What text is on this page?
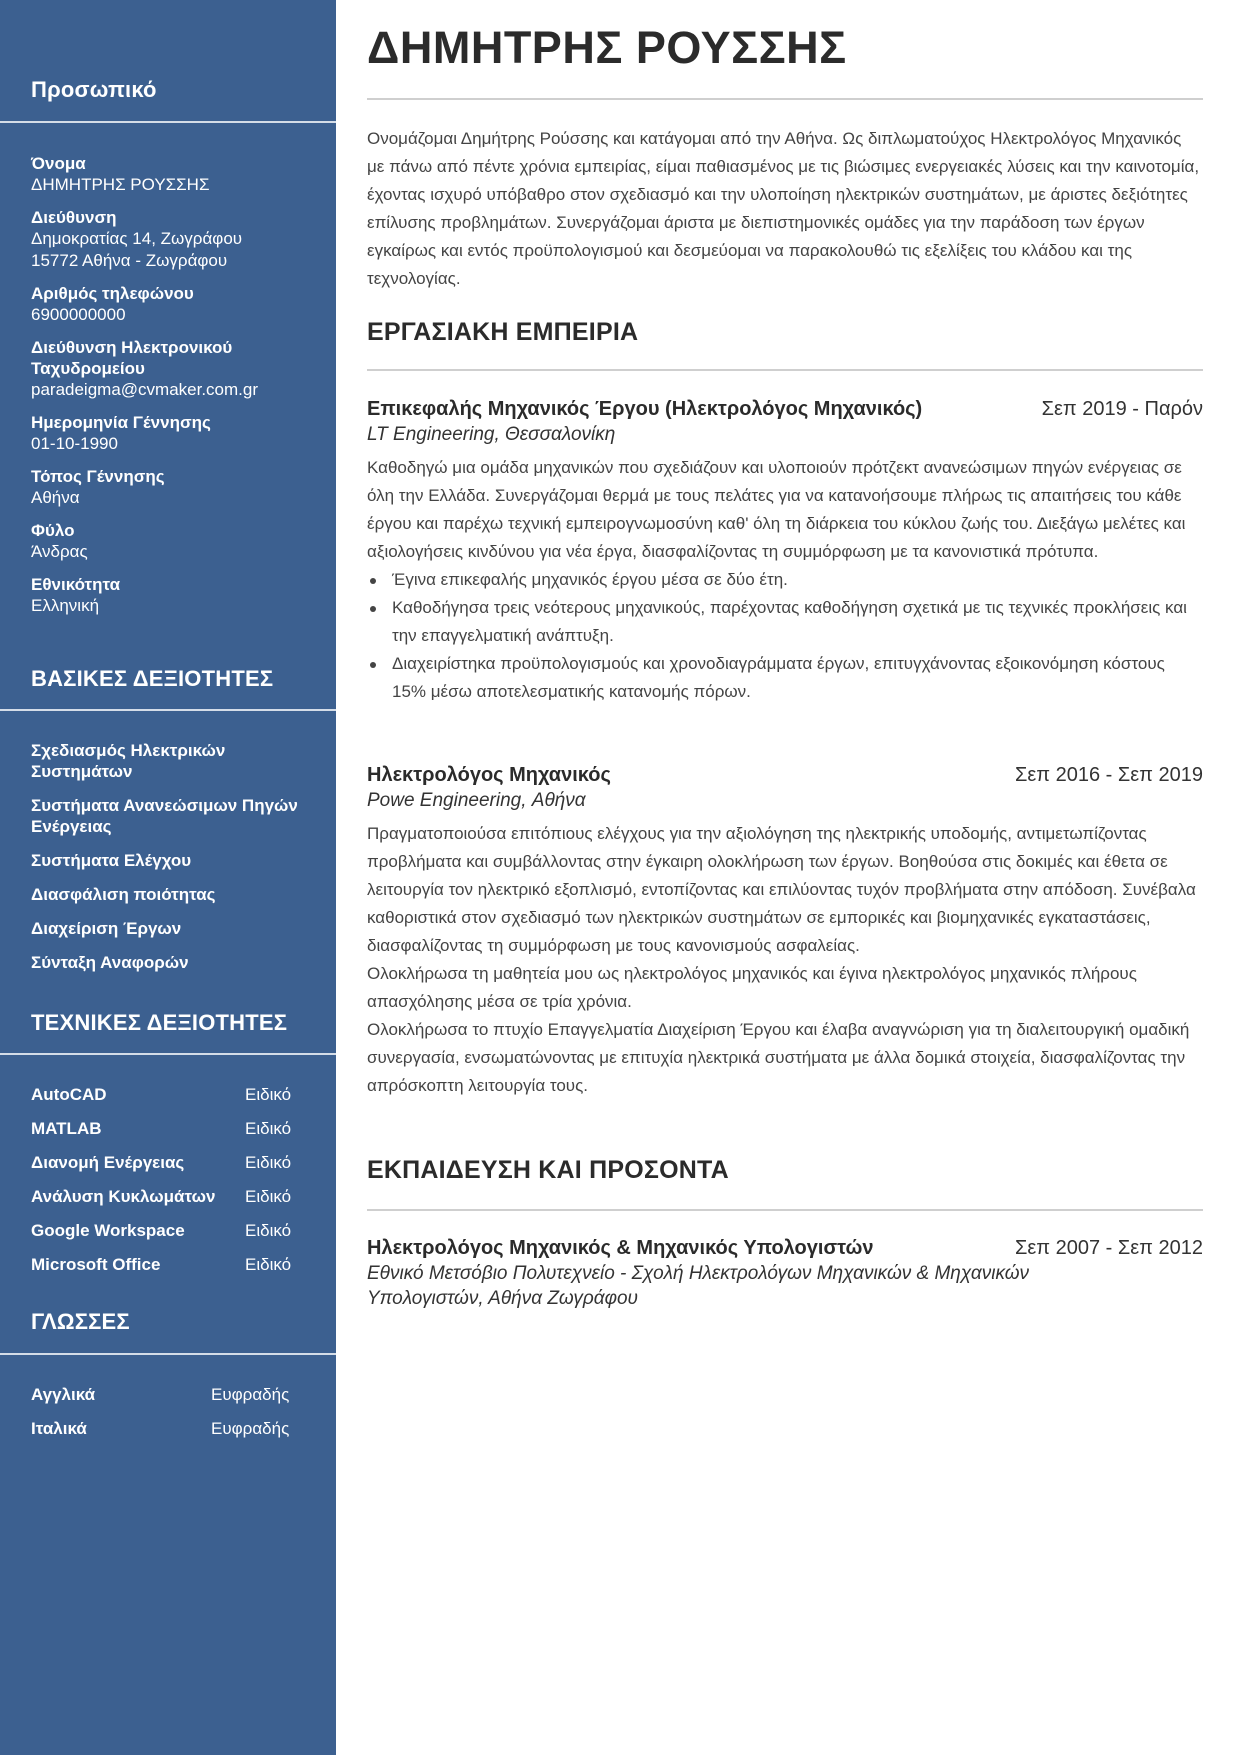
Προσωπικό
Όνομα
ΔΗΜΗΤΡΗΣ ΡΟΥΣΣΗΣ
Διεύθυνση
Δημοκρατίας 14, Ζωγράφου
15772 Αθήνα - Ζωγράφου
Αριθμός τηλεφώνου
6900000000
Διεύθυνση Ηλεκτρονικού Ταχυδρομείου
paradeigma@cvmaker.com.gr
Ημερομηνία Γέννησης
01-10-1990
Τόπος Γέννησης
Αθήνα
Φύλο
Άνδρας
Εθνικότητα
Ελληνική
ΒΑΣΙΚΕΣ ΔΕΞΙΟΤΗΤΕΣ
Σχεδιασμός Ηλεκτρικών Συστημάτων
Συστήματα Ανανεώσιμων Πηγών Ενέργειας
Συστήματα Ελέγχου
Διασφάλιση ποιότητας
Διαχείριση Έργων
Σύνταξη Αναφορών
ΤΕΧΝΙΚΕΣ ΔΕΞΙΟΤΗΤΕΣ
AutoCAD	Ειδικό
MATLAB	Ειδικό
Διανομή Ενέργειας	Ειδικό
Ανάλυση Κυκλωμάτων	Ειδικό
Google Workspace	Ειδικό
Microsoft Office	Ειδικό
ΓΛΩΣΣΕΣ
Αγγλικά	Ευφραδής
Ιταλικά	Ευφραδής
ΔΗΜΗΤΡΗΣ ΡΟΥΣΣΗΣ

Ονομάζομαι Δημήτρης Ρούσσης και κατάγομαι από την Αθήνα. Ως διπλωματούχος Ηλεκτρολόγος Μηχανικός με πάνω από πέντε χρόνια εμπειρίας, είμαι παθιασμένος με τις βιώσιμες ενεργειακές λύσεις και την καινοτομία, έχοντας ισχυρό υπόβαθρο στον σχεδιασμό και την υλοποίηση ηλεκτρικών συστημάτων, με άριστες δεξιότητες επίλυσης προβλημάτων. Συνεργάζομαι άριστα με διεπιστημονικές ομάδες για την παράδοση των έργων εγκαίρως και εντός προϋπολογισμού και δεσμεύομαι να παρακολουθώ τις εξελίξεις του κλάδου και της τεχνολογίας.

ΕΡΓΑΣΙΑΚΗ ΕΜΠΕΙΡΙΑ
Επικεφαλής Μηχανικός Έργου (Ηλεκτρολόγος Μηχανικός)	Σεπ 2019 - Παρόν
LT Engineering, Θεσσαλονίκη

Καθοδηγώ μια ομάδα μηχανικών που σχεδιάζουν και υλοποιούν πρότζεκτ ανανεώσιμων πηγών ενέργειας σε όλη την Ελλάδα. Συνεργάζομαι θερμά με τους πελάτες για να κατανοήσουμε πλήρως τις απαιτήσεις του κάθε έργου και παρέχω τεχνική εμπειρογνωμοσύνη καθ' όλη τη διάρκεια του κύκλου ζωής του. Διεξάγω μελέτες και αξιολογήσεις κινδύνου για νέα έργα, διασφαλίζοντας τη συμμόρφωση με τα κανονιστικά πρότυπα.

Έγινα επικεφαλής μηχανικός έργου μέσα σε δύο έτη.
Καθοδήγησα τρεις νεότερους μηχανικούς, παρέχοντας καθοδήγηση σχετικά με τις τεχνικές προκλήσεις και την επαγγελματική ανάπτυξη.
Διαχειρίστηκα προϋπολογισμούς και χρονοδιαγράμματα έργων, επιτυγχάνοντας εξοικονόμηση κόστους 15% μέσω αποτελεσματικής κατανομής πόρων.
Ηλεκτρολόγος Μηχανικός	Σεπ 2016 - Σεπ 2019
Powe Engineering, Αθήνα

Πραγματοποιούσα επιτόπιους ελέγχους για την αξιολόγηση της ηλεκτρικής υποδομής, αντιμετωπίζοντας προβλήματα και συμβάλλοντας στην έγκαιρη ολοκλήρωση των έργων. Βοηθούσα στις δοκιμές και έθετα σε λειτουργία τον ηλεκτρικό εξοπλισμό, εντοπίζοντας και επιλύοντας τυχόν προβλήματα στην απόδοση. Συνέβαλα καθοριστικά στον σχεδιασμό των ηλεκτρικών συστημάτων σε εμπορικές και βιομηχανικές εγκαταστάσεις, διασφαλίζοντας τη συμμόρφωση με τους κανονισμούς ασφαλείας.

Ολοκλήρωσα τη μαθητεία μου ως ηλεκτρολόγος μηχανικός και έγινα ηλεκτρολόγος μηχανικός πλήρους απασχόλησης μέσα σε τρία χρόνια.

Ολοκλήρωσα το πτυχίο Επαγγελματία Διαχείριση Έργου και έλαβα αναγνώριση για τη διαλειτουργική ομαδική συνεργασία, ενσωματώνοντας με επιτυχία ηλεκτρικά συστήματα με άλλα δομικά στοιχεία, διασφαλίζοντας την απρόσκοπτη λειτουργία τους.

ΕΚΠΑΙΔΕΥΣΗ ΚΑΙ ΠΡΟΣΟΝΤΑ
Ηλεκτρολόγος Μηχανικός & Μηχανικός Υπολογιστών	Σεπ 2007 - Σεπ 2012
Εθνικό Μετσόβιο Πολυτεχνείο - Σχολή Ηλεκτρολόγων Μηχανικών & Μηχανικών Υπολογιστών, Αθήνα Ζωγράφου
